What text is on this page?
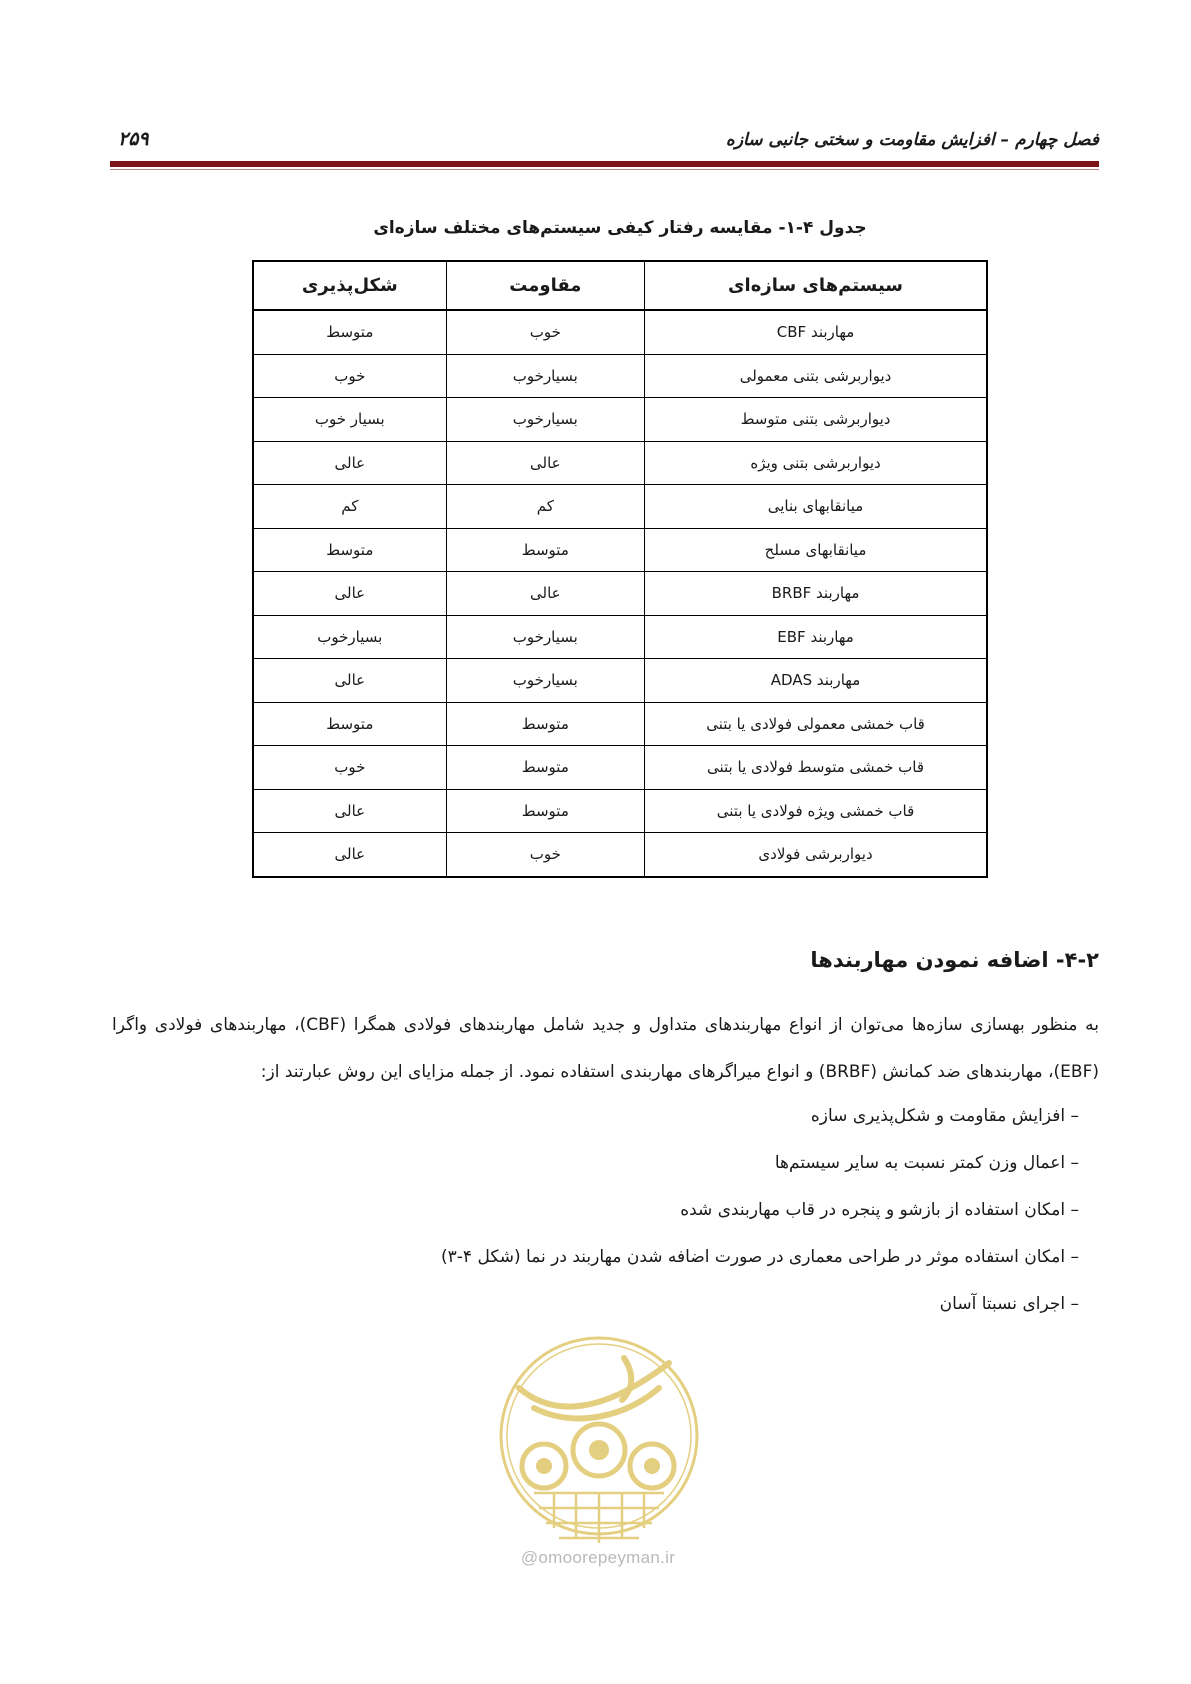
فصل چهارم – افزایش مقاومت و سختی جانبی سازه
۲۵۹
جدول ۴-۱- مقایسه رفتار کیفی سیستم‌های مختلف سازه‌ای
سیستم‌های سازه‌ای	مقاومت	شکل‌پذیری
مهاربند CBF	خوب	متوسط
دیواربرشی بتنی معمولی	بسیارخوب	خوب
دیواربرشی بتنی متوسط	بسیارخوب	بسیار خوب
دیواربرشی بتنی ویژه	عالی	عالی
میانقابهای بنایی	کم	کم
میانقابهای مسلح	متوسط	متوسط
مهاربند BRBF	عالی	عالی
مهاربند EBF	بسیارخوب	بسیارخوب
مهاربند ADAS	بسیارخوب	عالی
قاب خمشی معمولی فولادی یا بتنی	متوسط	متوسط
قاب خمشی متوسط فولادی یا بتنی	متوسط	خوب
قاب خمشی ویژه فولادی یا بتنی	متوسط	عالی
دیواربرشی فولادی	خوب	عالی
۴-۲- اضافه نمودن مهاربندها
به منظور بهسازی سازه‌ها می‌توان از انواع مهاربندهای متداول و جدید شامل مهاربندهای فولادی همگرا (CBF)، مهاربندهای فولادی واگرا (EBF)، مهاربندهای ضد کمانش (BRBF) و انواع میراگرهای مهاربندی استفاده نمود. از جمله مزایای این روش عبارتند از:
– افزایش مقاومت و شکل‌پذیری سازه
– اعمال وزن کمتر نسبت به سایر سیستم‌ها
– امکان استفاده از بازشو و پنجره در قاب مهاربندی شده
– امکان استفاده موثر در طراحی معماری در صورت اضافه شدن مهاربند در نما (شکل ۴-۳)
– اجرای نسبتا آسان
@omoorepeyman.ir
